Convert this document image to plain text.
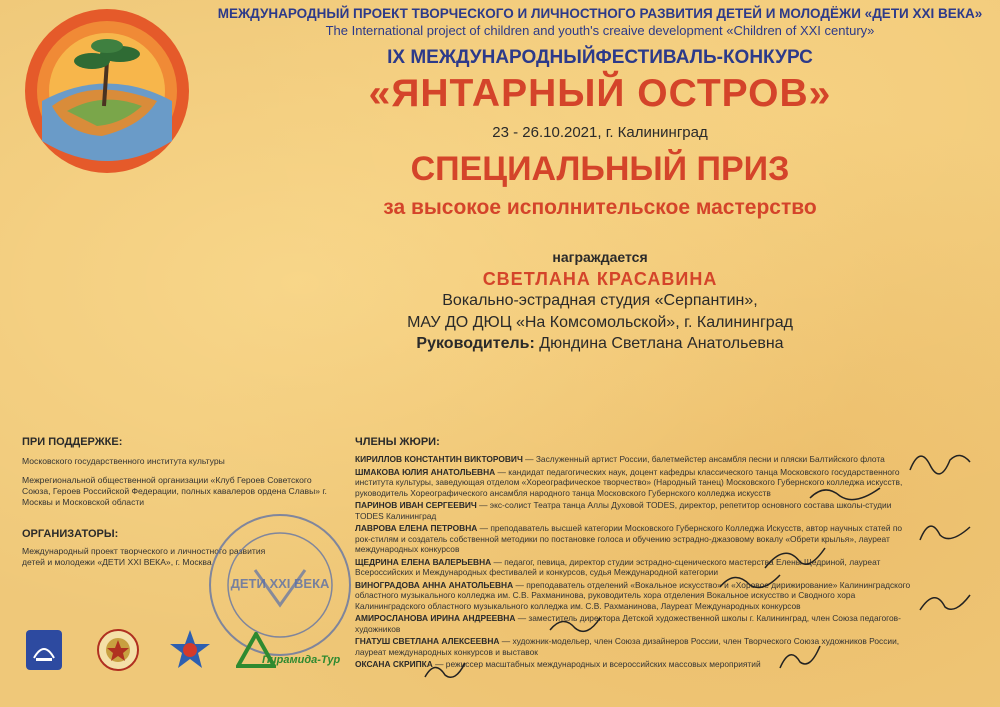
МЕЖДУНАРОДНЫЙ ПРОЕКТ ТВОРЧЕСКОГО И ЛИЧНОСТНОГО РАЗВИТИЯ ДЕТЕЙ И МОЛОДЁЖИ «ДЕТИ XXI ВЕКА»
The International project of children and youth's creaive development «Children of XXI century»
IX МЕЖДУНАРОДНЫЙФЕСТИВАЛЬ-КОНКУРС
«ЯНТАРНЫЙ ОСТРОВ»
23 - 26.10.2021, г. Калининград
СПЕЦИАЛЬНЫЙ ПРИЗ
за высокое исполнительское мастерство
награждается
СВЕТЛАНА КРАСАВИНА
Вокально-эстрадная студия «Серпантин»,
МАУ ДО ДЮЦ «На Комсомольской», г. Калининград
Руководитель: Дюндина Светлана Анатольевна
ПРИ ПОДДЕРЖКЕ:
Московского государственного института культуры
Межрегиональной общественной организации «Клуб Героев Советского Союза, Героев Российской Федерации, полных кавалеров ордена Славы» г. Москвы и Московской области
ОРГАНИЗАТОРЫ:
Международный проект творческого и личностного развития детей и молодежи «ДЕТИ XXI ВЕКА», г. Москва
ДЕТИ XXI ВЕКА
Пирамида-Тур
ЧЛЕНЫ ЖЮРИ:
КИРИЛЛОВ КОНСТАНТИН ВИКТОРОВИЧ — Заслуженный артист России, балетмейстер ансамбля песни и пляски Балтийского флота
ШМАКОВА ЮЛИЯ АНАТОЛЬЕВНА — кандидат педагогических наук, доцент кафедры классического танца Московского государственного института культуры, заведующая отделом «Хореографическое творчество» (Народный танец) Московского Губернского колледжа искусств, руководитель Хореографического ансамбля народного танца Московского Губернского колледжа искусств
ПАРИНОВ ИВАН СЕРГЕЕВИЧ — экс-солист Театра танца Аллы Духовой TODES, директор, репетитор основного состава школы-студии TODES Калининград
ЛАВРОВА ЕЛЕНА ПЕТРОВНА — преподаватель высшей категории Московского Губернского Колледжа Искусств, автор научных статей по рок-стилям и создатель собственной методики по постановке голоса и обучению эстрадно-джазовому вокалу «Обрети крылья», лауреат международных конкурсов
ЩЕДРИНА ЕЛЕНА ВАЛЕРЬЕВНА — педагог, певица, директор студии эстрадно-сценического мастерства Елены Щедриной, лауреат Всероссийских и Международных фестивалей и конкурсов, судья Международной категории
ВИНОГРАДОВА АННА АНАТОЛЬЕВНА — преподаватель отделений «Вокальное искусство» и «Хоровое дирижирование» Калининградского областного музыкального колледжа им. С.В. Рахманинова, руководитель хора отделения Вокальное искусство и Сводного хора Калининградского областного музыкального колледжа им. С.В. Рахманинова, Лауреат Международных конкурсов
АМИРОСЛАНОВА ИРИНА АНДРЕЕВНА — заместитель директора Детской художественной школы г. Калининград, член Союза педагогов-художников
ГНАТУШ СВЕТЛАНА АЛЕКСЕЕВНА — художник-модельер, член Союза дизайнеров России, член Творческого Союза художников России, лауреат международных конкурсов и выставок
ОКСАНА СКРИПКА — режиссер масштабных международных и всероссийских массовых мероприятий
